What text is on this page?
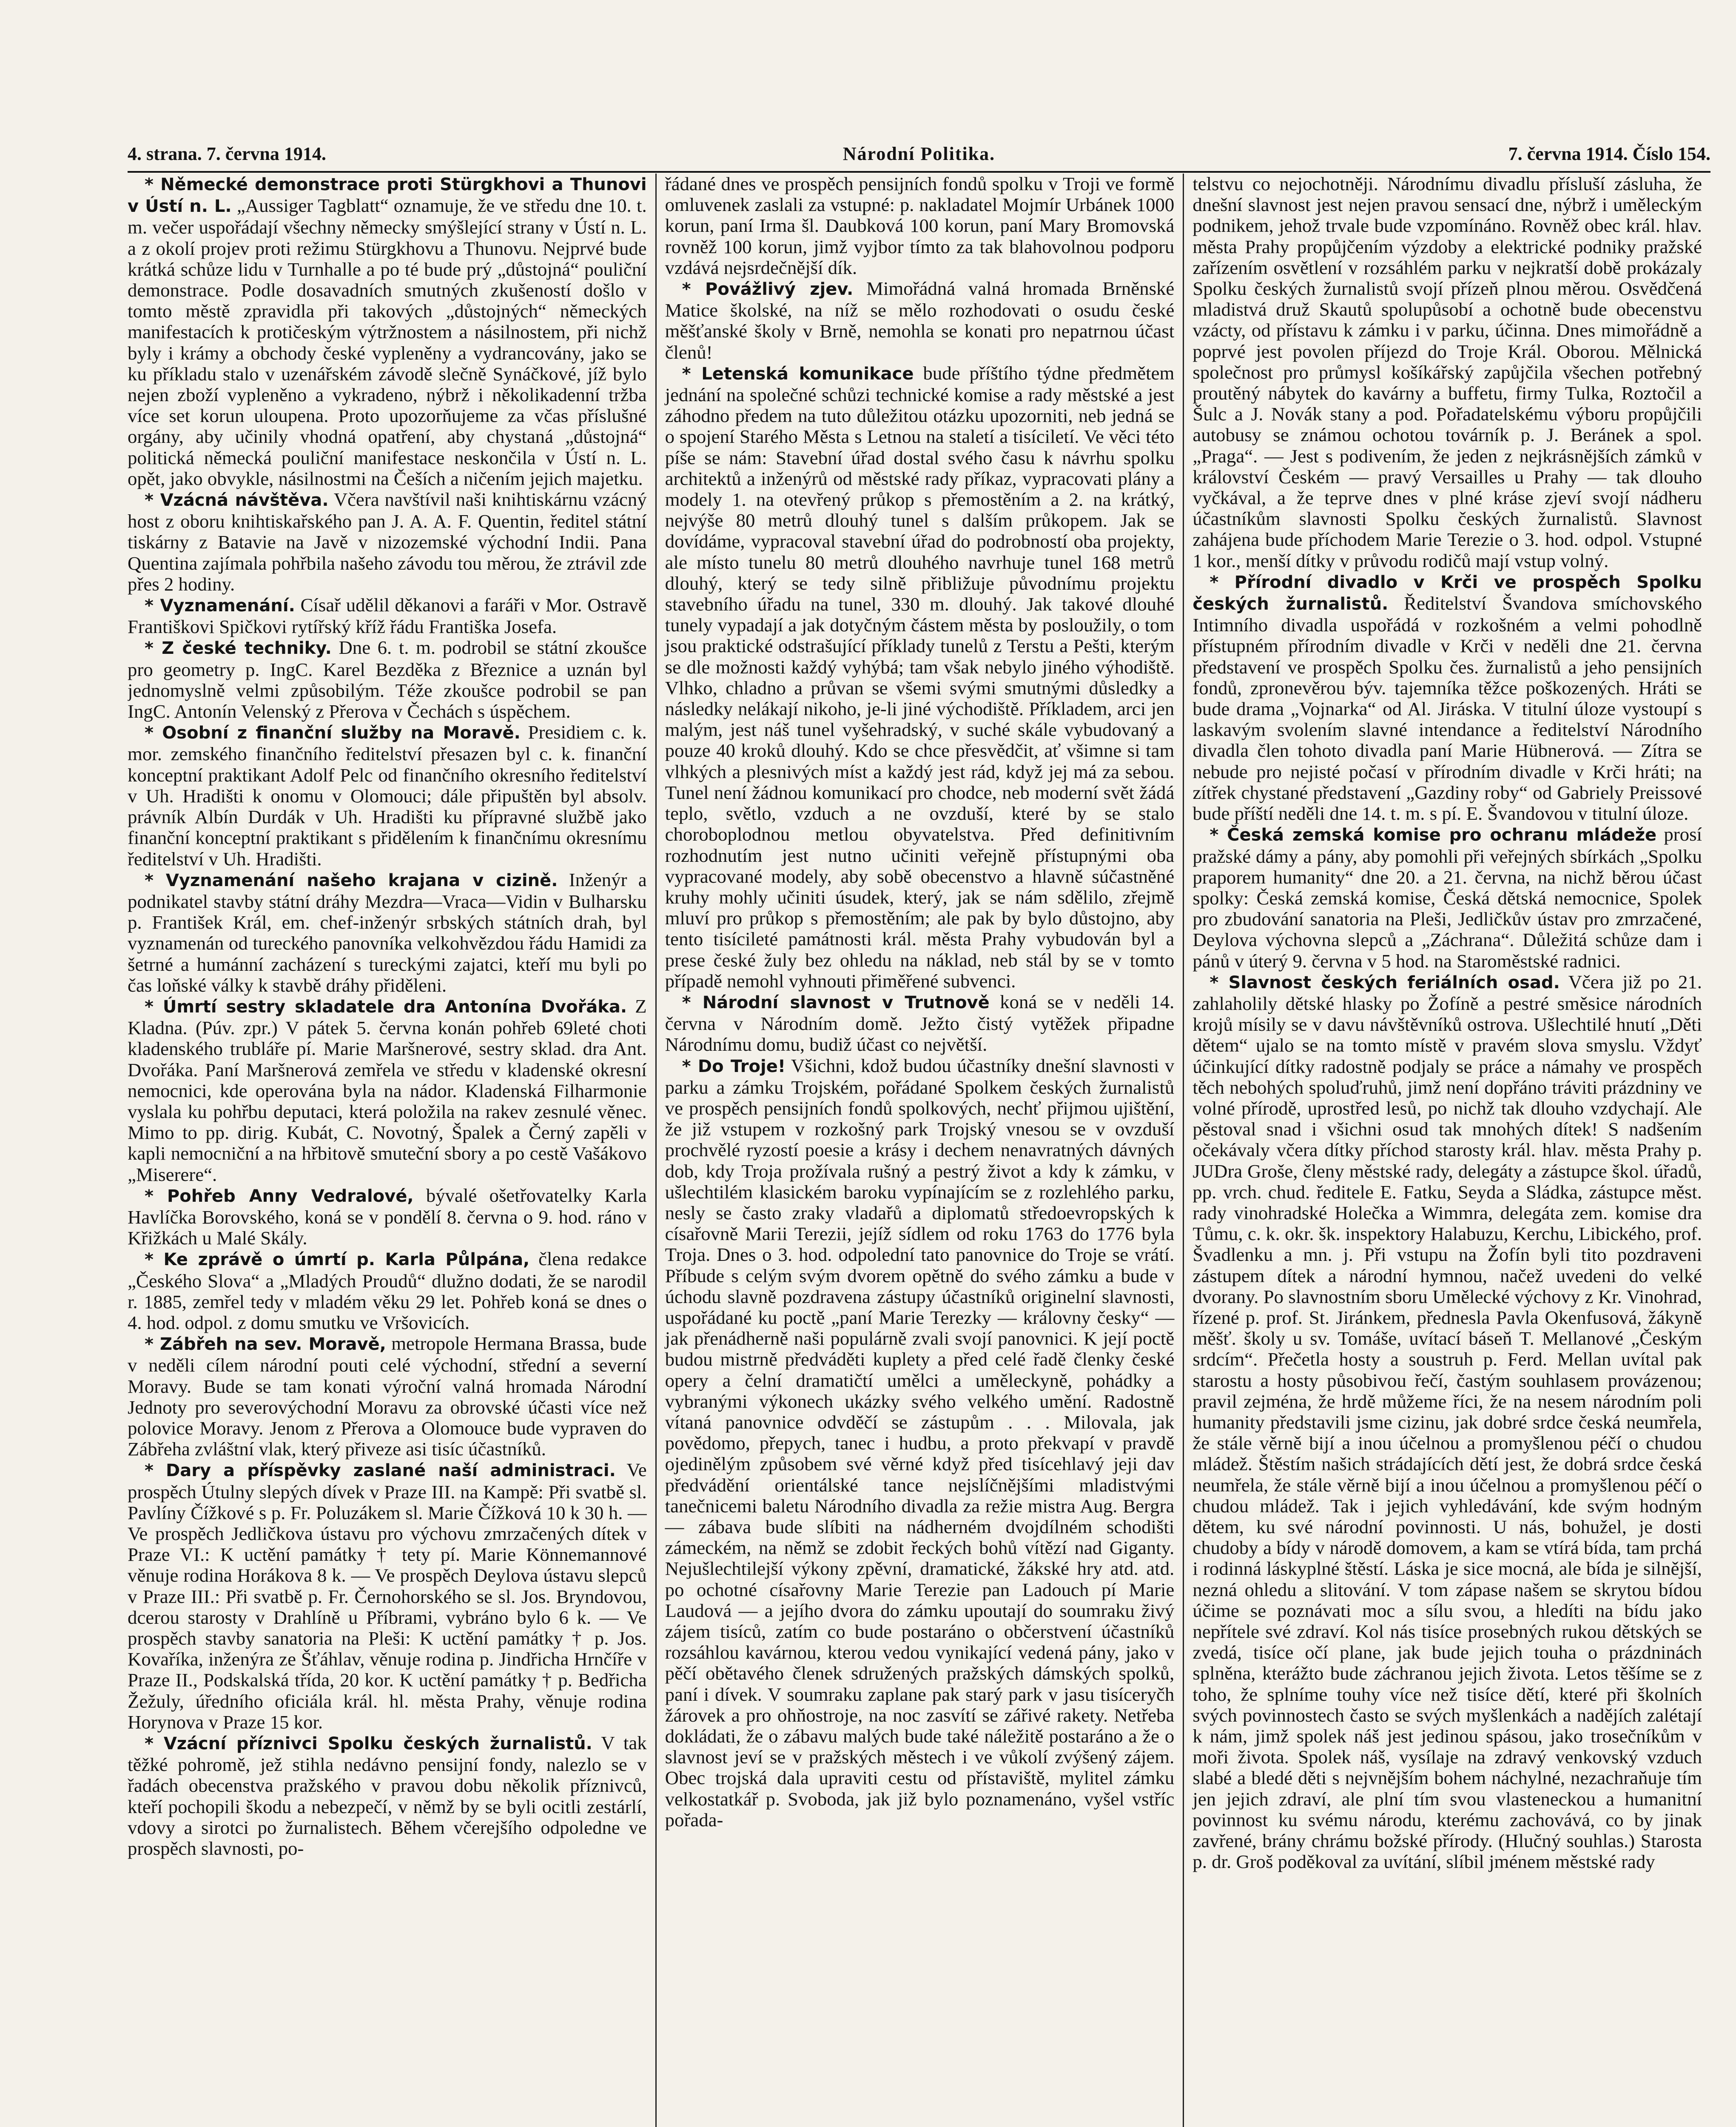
4. strana. 7. června 1914.	Národní Politika.	7. června 1914. Číslo 154.

* Německé demonstrace proti Stürgkhovi a Thunovi v Ústí n. L. „Aussiger Tagblatt“ oznamuje, že ve středu dne 10. t. m. večer uspořádají všechny německy smýšlející strany v Ústí n. L. a z okolí projev proti režimu Stürgkhovu a Thunovu. Nejprvé bude krátká schůze lidu v Turnhalle a po té bude prý „důstojná“ pouliční demonstrace. Podle dosavadních smutných zkušeností došlo v tomto městě zpravidla při takových „důstojných“ německých manifestacích k protičeským výtržnostem a násilnostem, při nichž byly i krámy a obchody české vypleněny a vydrancovány, jako se ku příkladu stalo v uzenářském závodě slečně Synáčkové, jíž bylo nejen zboží vypleněno a vykradeno, nýbrž i několikadenní tržba více set korun uloupena. Proto upozorňujeme za včas příslušné orgány, aby učinily vhodná opatření, aby chystaná „důstojná“ politická německá pouliční manifestace neskončila v Ústí n. L. opět, jako obvykle, násilnostmi na Češích a ničením jejich majetku.

* Vzácná návštěva. Včera navštívil naši knihtiskárnu vzácný host z oboru knihtiskařského pan J. A. A. F. Quentin, ředitel státní tiskárny z Batavie na Javě v nizozemské východní Indii. Pana Quentina zajímala pohřbila našeho závodu tou měrou, že ztrávil zde přes 2 hodiny.

* Vyznamenání. Císař udělil děkanovi a faráři v Mor. Ostravě Františkovi Spičkovi rytířský kříž řádu Františka Josefa.

* Z české techniky. Dne 6. t. m. podrobil se státní zkoušce pro geometry p. IngC. Karel Bezděka z Březnice a uznán byl jednomyslně velmi způsobilým. Téže zkoušce podrobil se pan IngC. Antonín Velenský z Přerova v Čechách s úspěchem.

* Osobní z finanční služby na Moravě. Presidiem c. k. mor. zemského finančního ředitelství přesazen byl c. k. finanční konceptní praktikant Adolf Pelc od finančního okresního ředitelství v Uh. Hradišti k onomu v Olomouci; dále připuštěn byl absolv. právník Albín Durdák v Uh. Hradišti ku přípravné službě jako finanční konceptní praktikant s přidělením k finančnímu okresnímu ředitelství v Uh. Hradišti.

* Vyznamenání našeho krajana v cizině. Inženýr a podnikatel stavby státní dráhy Mezdra—Vraca—Vidin v Bulharsku p. František Král, em. chef-inženýr srbských státních drah, byl vyznamenán od tureckého panovníka velkohvězdou řádu Hamidi za šetrné a humánní zacházení s tureckými zajatci, kteří mu byli po čas loňské války k stavbě dráhy přiděleni.

* Úmrtí sestry skladatele dra Antonína Dvořáka. Z Kladna. (Púv. zpr.) V pátek 5. června konán pohřeb 69leté choti kladenského trubláře pí. Marie Maršnerové, sestry sklad. dra Ant. Dvořáka. Paní Maršnerová zemřela ve středu v kladenské okresní nemocnici, kde operována byla na nádor. Kladenská Filharmonie vyslala ku pohřbu deputaci, která položila na rakev zesnulé věnec. Mimo to pp. dirig. Kubát, C. Novotný, Špalek a Černý zapěli v kapli nemocniční a na hřbitově smuteční sbory a po cestě Vašákovo „Miserere“.

* Pohřeb Anny Vedralové, bývalé ošetřovatelky Karla Havlíčka Borovského, koná se v pondělí 8. června o 9. hod. ráno v Křižkách u Malé Skály.

* Ke zprávě o úmrtí p. Karla Půlpána, člena redakce „Českého Slova“ a „Mladých Proudů“ dlužno dodati, že se narodil r. 1885, zemřel tedy v mladém věku 29 let. Pohřeb koná se dnes o 4. hod. odpol. z domu smutku ve Vršovicích.

* Zábřeh na sev. Moravě, metropole Hermana Brassa, bude v neděli cílem národní pouti celé východní, střední a severní Moravy. Bude se tam konati výroční valná hromada Národní Jednoty pro severovýchodní Moravu za obrovské účasti více než polovice Moravy. Jenom z Přerova a Olomouce bude vypraven do Zábřeha zvláštní vlak, který přiveze asi tisíc účastníků.

* Dary a příspěvky zaslané naší administraci. Ve prospěch Útulny slepých dívek v Praze III. na Kampě: Při svatbě sl. Pavlíny Čížkové s p. Fr. Poluzákem sl. Marie Čížková 10 k 30 h. — Ve prospěch Jedličkova ústavu pro výchovu zmrzačených dítek v Praze VI.: K uctění památky † tety pí. Marie Könnemannové věnuje rodina Horákova 8 k. — Ve prospěch Deylova ústavu slepců v Praze III.: Při svatbě p. Fr. Černohorského se sl. Jos. Bryndovou, dcerou starosty v Drahlíně u Příbrami, vybráno bylo 6 k. — Ve prospěch stavby sanatoria na Pleši: K uctění památky † p. Jos. Kovaříka, inženýra ze Šťáhlav, věnuje rodina p. Jindřicha Hrnčíře v Praze II., Podskalská třída, 20 kor. K uctění památky † p. Bedřicha Žežuly, úředního oficiála král. hl. města Prahy, věnuje rodina Horynova v Praze 15 kor.

* Vzácní příznivci Spolku českých žurnalistů. V tak těžké pohromě, jež stihla nedávno pensijní fondy, nalezlo se v řadách obecenstva pražského v pravou dobu několik příznivců, kteří pochopili škodu a nebezpečí, v němž by se byli ocitli zestárlí, vdovy a sirotci po žurnalistech. Během včerejšího odpoledne ve prospěch slavnosti, po-

řádané dnes ve prospěch pensijních fondů spolku v Troji ve formě omluvenek zaslali za vstupné: p. nakladatel Mojmír Urbánek 1000 korun, paní Irma šl. Daubková 100 korun, paní Mary Bromovská rovněž 100 korun, jimž vyjbor tímto za tak blahovolnou podporu vzdává nejsrdečnější dík.

* Povážlivý zjev. Mimořádná valná hromada Brněnské Matice školské, na níž se mělo rozhodovati o osudu české měšťanské školy v Brně, nemohla se konati pro nepatrnou účast členů!

* Letenská komunikace bude příštího týdne předmětem jednání na společné schůzi technické komise a rady městské a jest záhodno předem na tuto důležitou otázku upozorniti, neb jedná se o spojení Starého Města s Letnou na staletí a tisíciletí. Ve věci této píše se nám: Stavební úřad dostal svého času k návrhu spolku architektů a inženýrů od městské rady příkaz, vypracovati plány a modely 1. na otevřený průkop s přemostěním a 2. na krátký, nejvýše 80 metrů dlouhý tunel s dalším průkopem. Jak se dovídáme, vypracoval stavební úřad do podrobností oba projekty, ale místo tunelu 80 metrů dlouhého navrhuje tunel 168 metrů dlouhý, který se tedy silně přibližuje původnímu projektu stavebního úřadu na tunel, 330 m. dlouhý. Jak takové dlouhé tunely vypadají a jak dotyčným částem města by posloužily, o tom jsou praktické odstrašující příklady tunelů z Terstu a Pešti, kterým se dle možnosti každý vyhýbá; tam však nebylo jiného výhodiště. Vlhko, chladno a průvan se všemi svými smutnými důsledky a následky nelákají nikoho, je-li jiné východiště. Příkladem, arci jen malým, jest náš tunel vyšehradský, v suché skále vybudovaný a pouze 40 kroků dlouhý. Kdo se chce přesvědčit, ať všimne si tam vlhkých a plesnivých míst a každý jest rád, když jej má za sebou. Tunel není žádnou komunikací pro chodce, neb moderní svět žádá teplo, světlo, vzduch a ne ovzduší, které by se stalo choroboplodnou metlou obyvatelstva. Před definitivním rozhodnutím jest nutno učiniti veřejně přístupnými oba vypracované modely, aby sobě obecenstvo a hlavně súčastněné kruhy mohly učiniti úsudek, který, jak se nám sdělilo, zřejmě mluví pro průkop s přemostěním; ale pak by bylo důstojno, aby tento tisícileté památnosti král. města Prahy vybudován byl a prese české žuly bez ohledu na náklad, neb stál by se v tomto případě nemohl vyhnouti přiměřené subvenci.

* Národní slavnost v Trutnově koná se v neděli 14. června v Národním domě. Ježto čistý vytěžek připadne Národnímu domu, budiž účast co největší.

* Do Troje! Všichni, kdož budou účastníky dnešní slavnosti v parku a zámku Trojském, pořádané Spolkem českých žurnalistů ve prospěch pensijních fondů spolkových, nechť přijmou ujištění, že již vstupem v rozkošný park Trojský vnesou se v ovzduší prochvělé ryzostí poesie a krásy i dechem nenavratných dávných dob, kdy Troja prožívala rušný a pestrý život a kdy k zámku, v ušlechtilém klasickém baroku vypínajícím se z rozlehlého parku, nesly se často zraky vladařů a diplomatů středoevropských k císařovně Marii Terezii, jejíž sídlem od roku 1763 do 1776 byla Troja. Dnes o 3. hod. odpolední tato panovnice do Troje se vrátí. Příbude s celým svým dvorem opětně do svého zámku a bude v úchodu slavně pozdravena zástupy účastníků originelní slavnosti, uspořádané ku poctě „paní Marie Terezky — královny česky“ — jak přenádherně naši populárně zvali svojí panovnici. K její poctě budou mistrně předváděti kuplety a před celé řadě členky české opery a čelní dramatičtí umělci a uměleckyně, pohádky a vybranými výkonech ukázky svého velkého umění. Radostně vítaná panovnice odvděčí se zástupům . . . Milovala, jak povědomo, přepych, tanec i hudbu, a proto překvapí v pravdě ojedinělým způsobem své věrné když před tisícehlavý jeji dav předvádění orientálské tance nejslíčnějšími mladistvými tanečnicemi baletu Národního divadla za režie mistra Aug. Bergra — zábava bude slíbiti na nádherném dvojdílném schodišti zámeckém, na němž se zdobit řeckých bohů vítězí nad Giganty. Nejušlechtilejší výkony zpěvní, dramatické, žákské hry atd. atd. po ochotné císařovny Marie Terezie pan Ladouch pí Marie Laudová — a jejího dvora do zámku upoutají do soumraku živý zájem tisíců, zatím co bude postaráno o občerstvení účastníků rozsáhlou kavárnou, kterou vedou vynikající vedená pány, jako v pěčí obětavého členek sdružených pražských dámských spolků, paní i dívek. V soumraku zaplane pak starý park v jasu tisíceryčh žárovek a pro ohňostroje, na noc zasvítí se zářivé rakety. Netřeba dokládati, že o zábavu malých bude také náležitě postaráno a že o slavnost jeví se v pražských městech i ve vůkolí zvýšený zájem. Obec trojská dala upraviti cestu od přístaviště, mylitel zámku velkostatkář p. Svoboda, jak již bylo poznamenáno, vyšel vstříc pořada-

telstvu co nejochotněji. Národnímu divadlu přísluší zásluha, že dnešní slavnost jest nejen pravou sensací dne, nýbrž i uměleckým podnikem, jehož trvale bude vzpomínáno. Rovněž obec král. hlav. města Prahy propůjčením výzdoby a elektrické podniky pražské zařízením osvětlení v rozsáhlém parku v nejkratší době prokázaly Spolku českých žurnalistů svojí přízeň plnou měrou. Osvědčená mladistvá druž Skautů spolupůsobí a ochotně bude obecenstvu vzácty, od přístavu k zámku i v parku, účinna. Dnes mimořádně a poprvé jest povolen příjezd do Troje Král. Oborou. Mělnická společnost pro průmysl košíkářský zapůjčila všechen potřebný proutěný nábytek do kavárny a buffetu, firmy Tulka, Roztočil a Šulc a J. Novák stany a pod. Pořadatelskému výboru propůjčili autobusy se známou ochotou továrník p. J. Beránek a spol. „Praga“. — Jest s podivením, že jeden z nejkrásnějších zámků v království Českém — pravý Versailles u Prahy — tak dlouho vyčkával, a že teprve dnes v plné kráse zjeví svojí nádheru účastníkům slavnosti Spolku českých žurnalistů. Slavnost zahájena bude příchodem Marie Terezie o 3. hod. odpol. Vstupné 1 kor., menší dítky v průvodu rodičů mají vstup volný.

* Přírodní divadlo v Krči ve prospěch Spolku českých žurnalistů. Ředitelství Švandova smíchovského Intimního divadla uspořádá v rozkošném a velmi pohodlně přístupném přírodním divadle v Krči v neděli dne 21. června představení ve prospěch Spolku čes. žurnalistů a jeho pensijních fondů, zpronevěrou býv. tajemníka těžce poškozených. Hráti se bude drama „Vojnarka“ od Al. Jiráska. V titulní úloze vystoupí s laskavým svolením slavné intendance a ředitelství Národního divadla člen tohoto divadla paní Marie Hübnerová. — Zítra se nebude pro nejisté počasí v přírodním divadle v Krči hráti; na zítřek chystané představení „Gazdiny roby“ od Gabriely Preissové bude příští neděli dne 14. t. m. s pí. E. Švandovou v titulní úloze.

* Česká zemská komise pro ochranu mládeže prosí pražské dámy a pány, aby pomohli při veřejných sbírkách „Spolku praporem humanity“ dne 20. a 21. června, na nichž běrou účast spolky: Česká zemská komise, Česká dětská nemocnice, Spolek pro zbudování sanatoria na Pleši, Jedličkův ústav pro zmrzačené, Deylova výchovna slepců a „Záchrana“. Důležitá schůze dam i pánů v úterý 9. června v 5 hod. na Staroměstské radnici.

* Slavnost českých feriálních osad. Včera již po 21. zahlaholily dětské hlasky po Žofíně a pestré směsice národních krojů mísily se v davu návštěvníků ostrova. Ušlechtilé hnutí „Děti dětem“ ujalo se na tomto místě v pravém slova smyslu. Vždyť účinkující dítky radostně podjaly se práce a námahy ve prospěch těch nebohých spoluďruhů, jimž není dopřáno tráviti prázdniny ve volné přírodě, uprostřed lesů, po nichž tak dlouho vzdychají. Ale pěstoval snad i všichni osud tak mnohých dítek! S nadšením očekávaly včera dítky příchod starosty král. hlav. města Prahy p. JUDra Groše, členy městské rady, delegáty a zástupce škol. úřadů, pp. vrch. chud. ředitele E. Fatku, Seyda a Sládka, zástupce měst. rady vinohradské Holečka a Wimmra, delegáta zem. komise dra Tůmu, c. k. okr. šk. inspektory Halabuzu, Kerchu, Libického, prof. Švadlenku a mn. j. Při vstupu na Žofín byli tito pozdraveni zástupem dítek a národní hymnou, načež uvedeni do velké dvorany. Po slavnostním sboru Umělecké výchovy z Kr. Vinohrad, řízené p. prof. St. Jiránkem, přednesla Pavla Okenfusová, žákyně měšť. školy u sv. Tomáše, uvítací báseň T. Mellanové „Českým srdcím“. Přečetla hosty a soustruh p. Ferd. Mellan uvítal pak starostu a hosty působivou řečí, častým souhlasem provázenou; pravil zejména, že hrdě můžeme říci, že na nesem národním poli humanity představili jsme cizinu, jak dobré srdce česká neumřela, že stále věrně bijí a inou účelnou a promyšlenou péčí o chudou mládež. Štěstím našich strádajících dětí jest, že dobrá srdce česká neumřela, že stále věrně bijí a inou účelnou a promyšlenou péčí o chudou mládež. Tak i jejich vyhledávání, kde svým hodným dětem, ku své národní povinnosti. U nás, bohužel, je dosti chudoby a bídy v národě domovem, a kam se vtírá bída, tam prchá i rodinná láskyplné štěstí. Láska je sice mocná, ale bída je silnější, nezná ohledu a slitování. V tom zápase našem se skrytou bídou účime se poznávati moc a sílu svou, a hledíti na bídu jako nepřítele své zdraví. Kol nás tisíce prosebných rukou dětských se zvedá, tisíce očí plane, jak bude jejich touha o prázdninách splněna, kterážto bude záchranou jejich života. Letos těšíme se z toho, že splníme touhy více než tisíce dětí, které při školních svých povinnostech často se svých myšlenkách a nadějích zalétají k nám, jimž spolek náš jest jedinou spásou, jako trosečníkům v moři života. Spolek náš, vysílaje na zdravý venkovský vzduch slabé a bledé děti s nejvnějším bohem náchylné, nezachraňuje tím jen jejich zdraví, ale plní tím svou vlasteneckou a humanitní povinnost ku svému národu, kterému zachovává, co by jinak zavřené, brány chrámu božské přírody. (Hlučný souhlas.) Starosta p. dr. Groš poděkoval za uvítání, slíbil jménem městské rady
